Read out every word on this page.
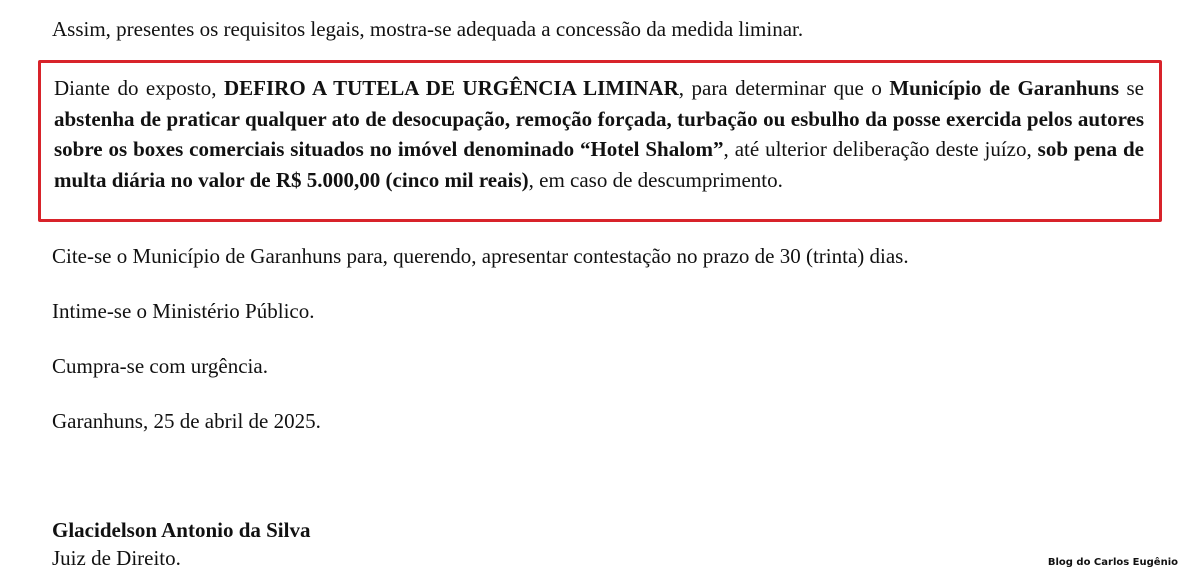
Assim, presentes os requisitos legais, mostra-se adequada a concessão da medida liminar.

Diante do exposto, DEFIRO A TUTELA DE URGÊNCIA LIMINAR, para determinar que o Município de Garanhuns se abstenha de praticar qualquer ato de desocupação, remoção forçada, turbação ou esbulho da posse exercida pelos autores sobre os boxes comerciais situados no imóvel denominado “Hotel Shalom”, até ulterior deliberação deste juízo, sob pena de multa diária no valor de R$ 5.000,00 (cinco mil reais), em caso de descumprimento.

Cite-se o Município de Garanhuns para, querendo, apresentar contestação no prazo de 30 (trinta) dias.

Intime-se o Ministério Público.

Cumpra-se com urgência.

Garanhuns, 25 de abril de 2025.

Glacidelson Antonio da Silva

Juiz de Direito.	Blog do Carlos Eugênio
